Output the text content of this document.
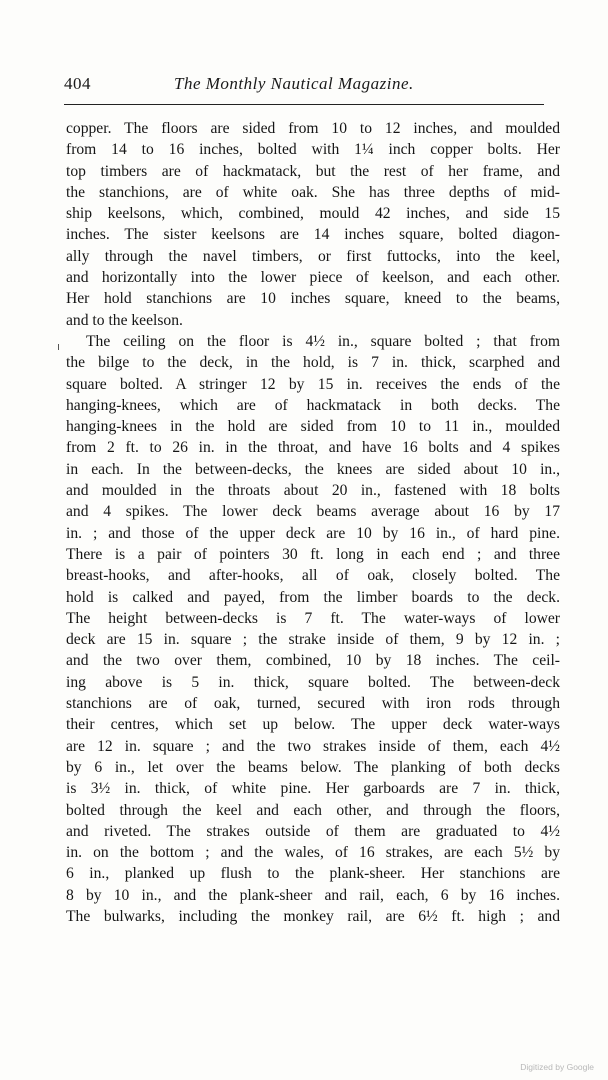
404	The Monthly Nautical Magazine.
copper. The floors are sided from 10 to 12 inches, and moulded
from 14 to 16 inches, bolted with 1¼ inch copper bolts. Her
top timbers are of hackmatack, but the rest of her frame, and
the stanchions, are of white oak. She has three depths of mid-
ship keelsons, which, combined, mould 42 inches, and side 15
inches. The sister keelsons are 14 inches square, bolted diagon-
ally through the navel timbers, or first futtocks, into the keel,
and horizontally into the lower piece of keelson, and each other.
Her hold stanchions are 10 inches square, kneed to the beams,
and to the keelson.
The ceiling on the floor is 4½ in., square bolted ; that from
the bilge to the deck, in the hold, is 7 in. thick, scarphed and
square bolted. A stringer 12 by 15 in. receives the ends of the
hanging-knees, which are of hackmatack in both decks. The
hanging-knees in the hold are sided from 10 to 11 in., moulded
from 2 ft. to 26 in. in the throat, and have 16 bolts and 4 spikes
in each. In the between-decks, the knees are sided about 10 in.,
and moulded in the throats about 20 in., fastened with 18 bolts
and 4 spikes. The lower deck beams average about 16 by 17
in. ; and those of the upper deck are 10 by 16 in., of hard pine.
There is a pair of pointers 30 ft. long in each end ; and three
breast-hooks, and after-hooks, all of oak, closely bolted. The
hold is calked and payed, from the limber boards to the deck.
The height between-decks is 7 ft. The water-ways of lower
deck are 15 in. square ; the strake inside of them, 9 by 12 in. ;
and the two over them, combined, 10 by 18 inches. The ceil-
ing above is 5 in. thick, square bolted. The between-deck
stanchions are of oak, turned, secured with iron rods through
their centres, which set up below. The upper deck water-ways
are 12 in. square ; and the two strakes inside of them, each 4½
by 6 in., let over the beams below. The planking of both decks
is 3½ in. thick, of white pine. Her garboards are 7 in. thick,
bolted through the keel and each other, and through the floors,
and riveted. The strakes outside of them are graduated to 4½
in. on the bottom ; and the wales, of 16 strakes, are each 5½ by
6 in., planked up flush to the plank-sheer. Her stanchions are
8 by 10 in., and the plank-sheer and rail, each, 6 by 16 inches.
The bulwarks, including the monkey rail, are 6½ ft. high ; and
Digitized by Google
